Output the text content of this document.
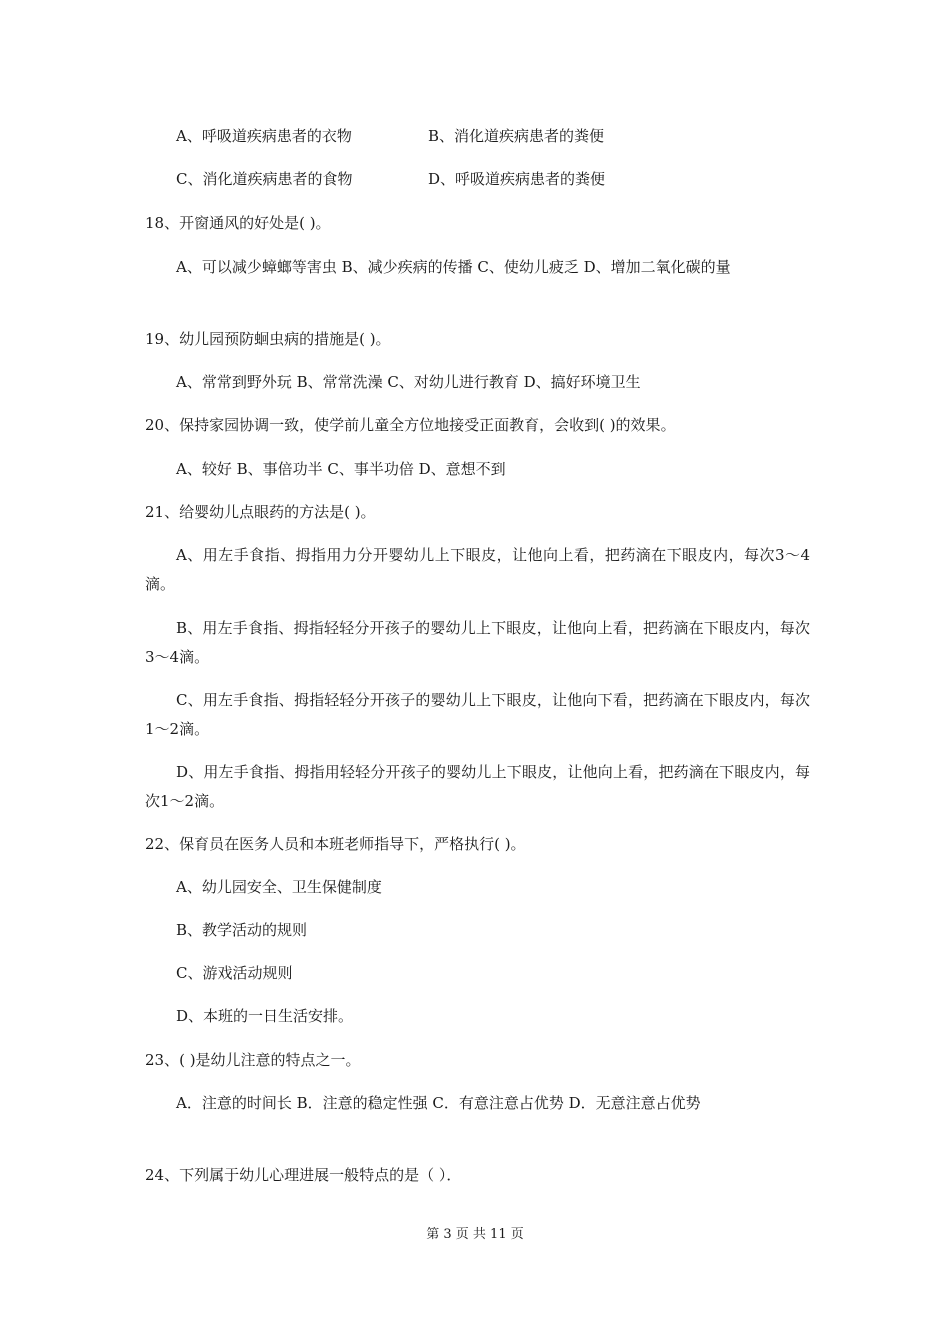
A、呼吸道疾病患者的衣物	B、消化道疾病患者的粪便
C、消化道疾病患者的食物	D、呼吸道疾病患者的粪便
18、开窗通风的好处是( )。
A、可以减少蟑螂等害虫 B、减少疾病的传播 C、使幼儿疲乏 D、增加二氧化碳的量
19、幼儿园预防蛔虫病的措施是( )。
A、常常到野外玩 B、常常洗澡 C、对幼儿进行教育 D、搞好环境卫生
20、保持家园协调一致，使学前儿童全方位地接受正面教育，会收到( )的效果。
A、较好 B、事倍功半 C、事半功倍 D、意想不到
21、给婴幼儿点眼药的方法是( )。
A、用左手食指、拇指用力分开婴幼儿上下眼皮，让他向上看，把药滴在下眼皮内，每次3～4滴。
B、用左手食指、拇指轻轻分开孩子的婴幼儿上下眼皮，让他向上看，把药滴在下眼皮内，每次3～4滴。
C、用左手食指、拇指轻轻分开孩子的婴幼儿上下眼皮，让他向下看，把药滴在下眼皮内，每次1～2滴。
D、用左手食指、拇指用轻轻分开孩子的婴幼儿上下眼皮，让他向上看，把药滴在下眼皮内，每次1～2滴。
22、保育员在医务人员和本班老师指导下，严格执行( )。
A、幼儿园安全、卫生保健制度
B、教学活动的规则
C、游戏活动规则
D、本班的一日生活安排。
23、( )是幼儿注意的特点之一。
A．注意的时间长 B．注意的稳定性强 C．有意注意占优势 D．无意注意占优势
24、下列属于幼儿心理进展一般特点的是（ ）．
第 3 页 共 11 页
